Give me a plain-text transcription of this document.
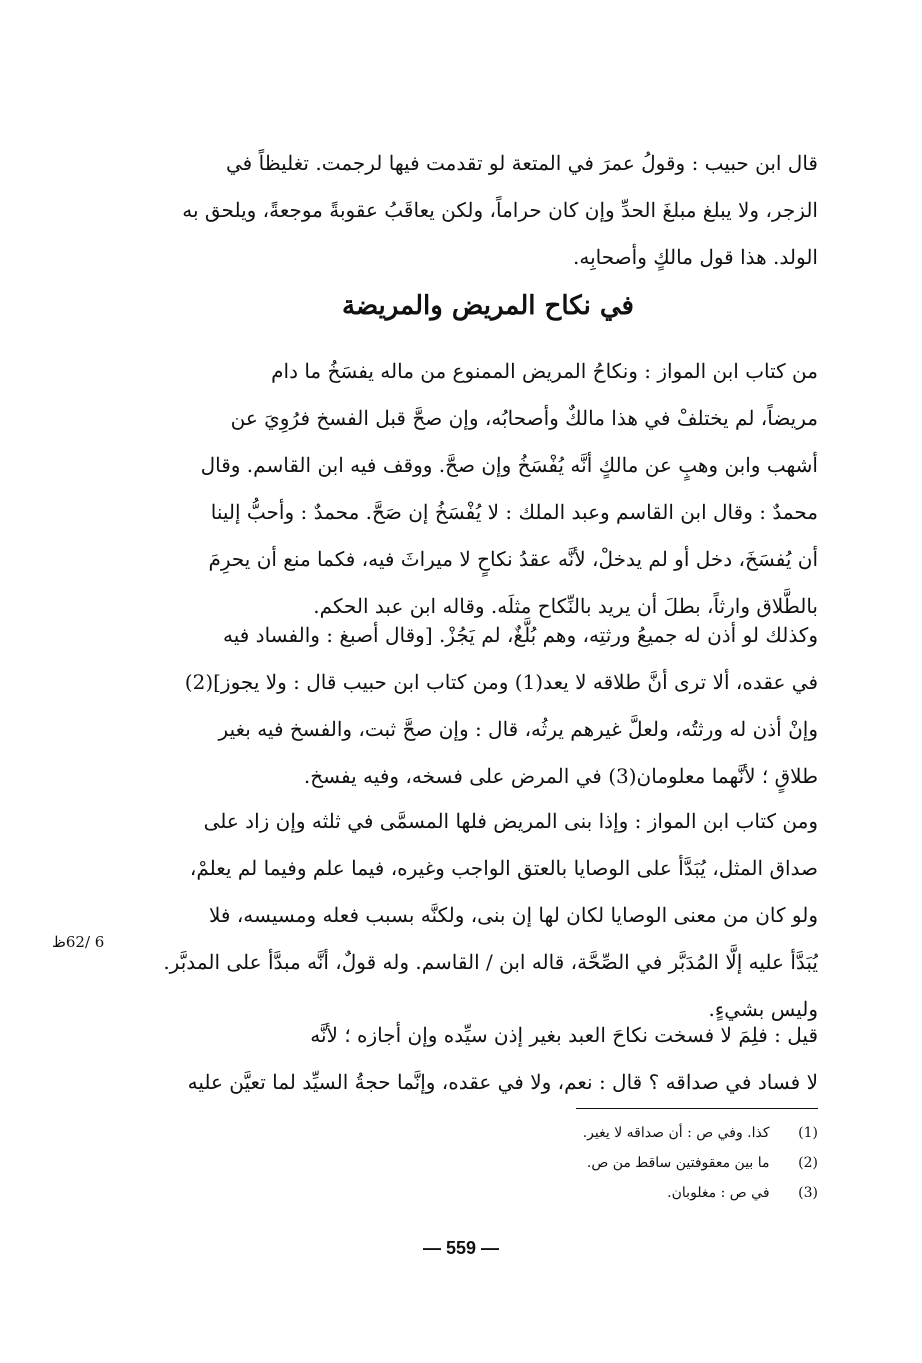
قال ابن حبيب : وقولُ عمرَ في المتعة لو تقدمت فيها لرجمت. تغليظاً في
الزجر، ولا يبلغ مبلغَ الحدِّ وإن كان حراماً، ولكن يعاقَبُ عقوبةً موجعةً، ويلحق به
الولد. هذا قول مالكٍ وأصحابِه.

في نكاح المريض والمريضة

من كتاب ابن المواز : ونكاحُ المريض الممنوع من ماله يفسَخُ ما دام
مريضاً، لم يختلفْ في هذا مالكٌ وأصحابُه، وإن صحَّ قبل الفسخ فرُوِيَ عن
أشهب وابن وهبٍ عن مالكٍ أنَّه يُفْسَخُ وإن صحَّ. ووقف فيه ابن القاسم. وقال
محمدٌ : وقال ابن القاسم وعبد الملك : لا يُفْسَخُ إن صَحَّ. محمدٌ : وأحبُّ إلينا
أن يُفسَخَ، دخل أو لم يدخلْ، لأنَّه عقدُ نكاحٍ لا ميراثَ فيه، فكما منع أن يحرِمَ
بالطَّلاق وارثاً، بطلَ أن يريد بالنِّكاح مثلَه. وقاله ابن عبد الحكم.

وكذلك لو أذن له جميعُ ورثتِه، وهم بُلَّغٌ، لم يَجُزْ. [وقال أصبغ : والفساد فيه
في عقده، ألا ترى أنَّ طلاقه لا يعد(1) ومن كتاب ابن حبيب قال : ولا يجوز](2)
وإنْ أذن له ورثتُه، ولعلَّ غيرهم يرثُه، قال : وإن صحَّ ثبت، والفسخ فيه بغير
طلاقٍ ؛ لأنَّهما معلومان(3) في المرض على فسخه، وفيه يفسخ.

ومن كتاب ابن المواز : وإذا بنى المريض فلها المسمَّى في ثلثه وإن زاد على
صداق المثل، يُبَدَّأ على الوصايا بالعتق الواجب وغيره، فيما علم وفيما لم يعلمْ،
ولو كان من معنى الوصايا لكان لها إن بنى، ولكنَّه بسبب فعله ومسيسه، فلا
يُبَدَّأ عليه إلَّا المُدَبَّر في الصِّحَّة، قاله ابن / القاسم. وله قولٌ، أنَّه مبدَّأ على المدبَّر.
وليس بشيءٍ.

6 /62ظ

قيل : فلِمَ لا فسخت نكاحَ العبد بغير إذن سيِّده وإن أجازه ؛ لأنَّه
لا فساد في صداقه ؟ قال : نعم، ولا في عقده، وإنَّما حجةُ السيِّد لما تعيَّن عليه

(1) كذا. وفي ص : أن صداقه لا يغير.
(2) ما بين معقوفتين ساقط من ص.
(3) في ص : مغلوبان.
— 559 —
